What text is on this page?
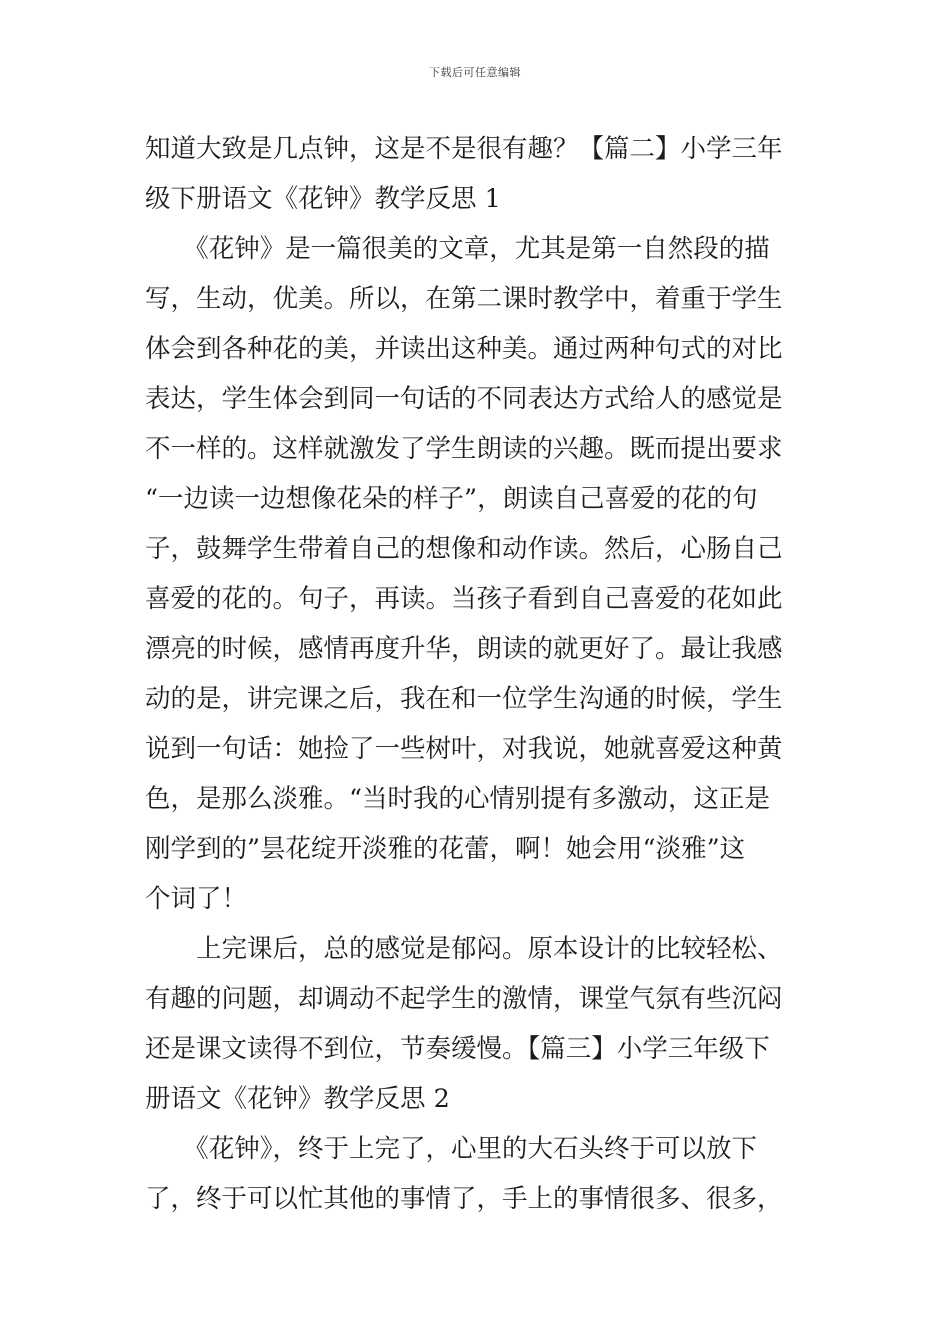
下载后可任意编辑
知道大致是几点钟，这是不是很有趣？【篇二】小学三年
级下册语文《花钟》教学反思 1
　　《花钟》是一篇很美的文章，尤其是第一自然段的描
写，生动，优美。所以，在第二课时教学中，着重于学生
体会到各种花的美，并读出这种美。通过两种句式的对比
表达，学生体会到同一句话的不同表达方式给人的感觉是
不一样的。这样就激发了学生朗读的兴趣。既而提出要求
“一边读一边想像花朵的样子”，朗读自己喜爱的花的句
子，鼓舞学生带着自己的想像和动作读。然后，心肠自己
喜爱的花的。句子，再读。当孩子看到自己喜爱的花如此
漂亮的时候，感情再度升华，朗读的就更好了。最让我感
动的是，讲完课之后，我在和一位学生沟通的时候，学生
说到一句话：她捡了一些树叶，对我说，她就喜爱这种黄
色，是那么淡雅。“当时我的心情别提有多激动，这正是
刚学到的”昙花绽开淡雅的花蕾，啊！她会用“淡雅”这
个词了！
　　上完课后，总的感觉是郁闷。原本设计的比较轻松、
有趣的问题，却调动不起学生的激情，课堂气氛有些沉闷
还是课文读得不到位，节奏缓慢。【篇三】小学三年级下
册语文《花钟》教学反思 2
　　《花钟》，终于上完了，心里的大石头终于可以放下
了，终于可以忙其他的事情了，手上的事情很多、很多，
